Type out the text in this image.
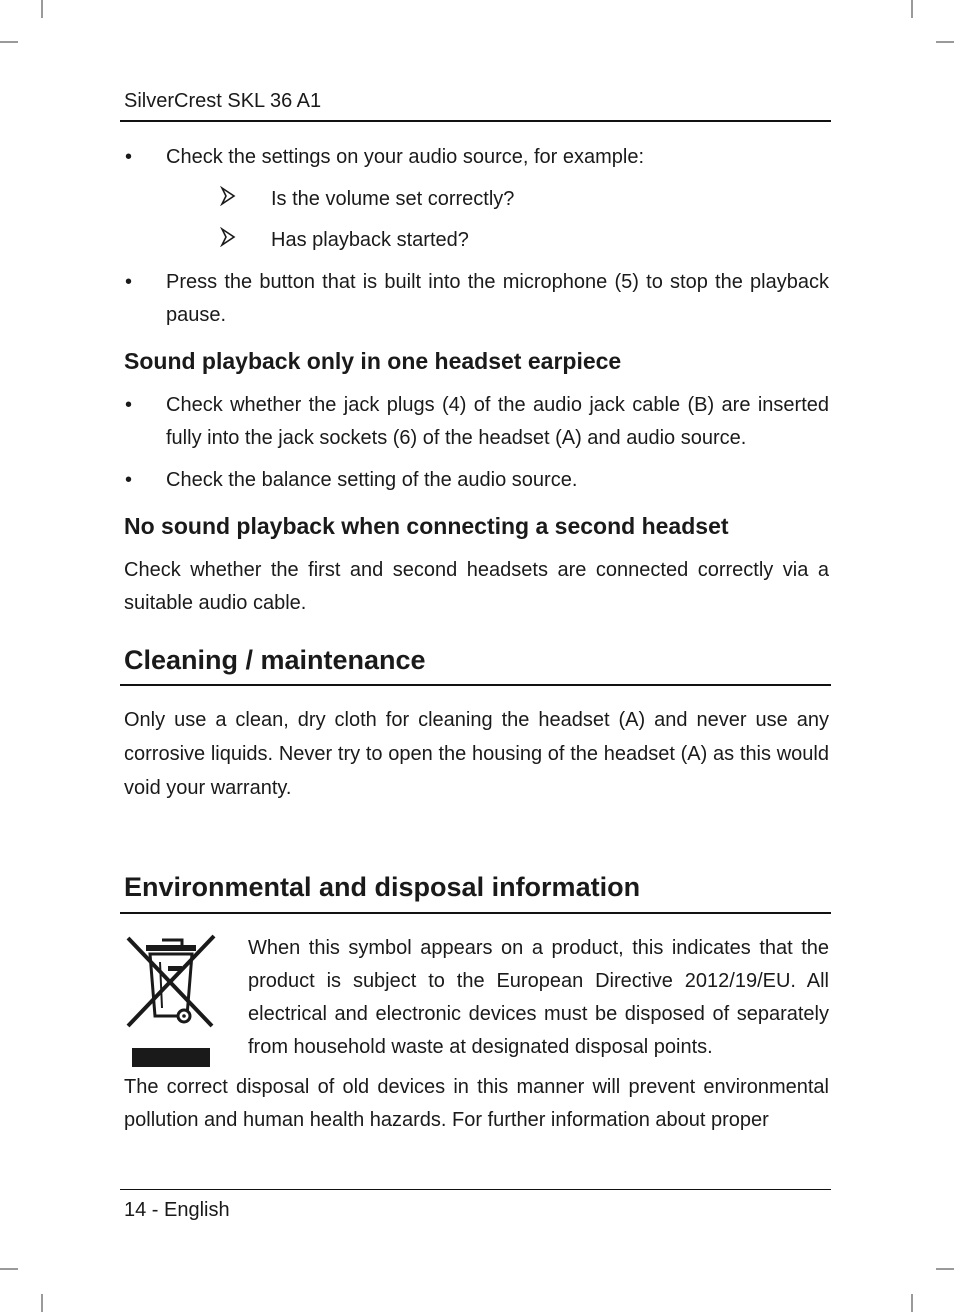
SilverCrest SKL 36 A1
• Check the settings on your audio source, for example:
Is the volume set correctly?
Has playback started?
• Press the button that is built into the microphone (5) to stop the playback pause.
Sound playback only in one headset earpiece
• Check whether the jack plugs (4) of the audio jack cable (B) are inserted fully into the jack sockets (6) of the headset (A) and audio source.
• Check the balance setting of the audio source.
No sound playback when connecting a second headset
Check whether the first and second headsets are connected correctly via a suitable audio cable.
Cleaning / maintenance
Only use a clean, dry cloth for cleaning the headset (A) and never use any corrosive liquids. Never try to open the housing of the headset (A) as this would void your warranty.
Environmental and disposal information
When this symbol appears on a product, this indicates that the product is subject to the European Directive 2012/19/EU. All electrical and electronic devices must be disposed of separately from household waste at designated disposal points.
The correct disposal of old devices in this manner will prevent environmental pollution and human health hazards. For further information about proper
14 - English
